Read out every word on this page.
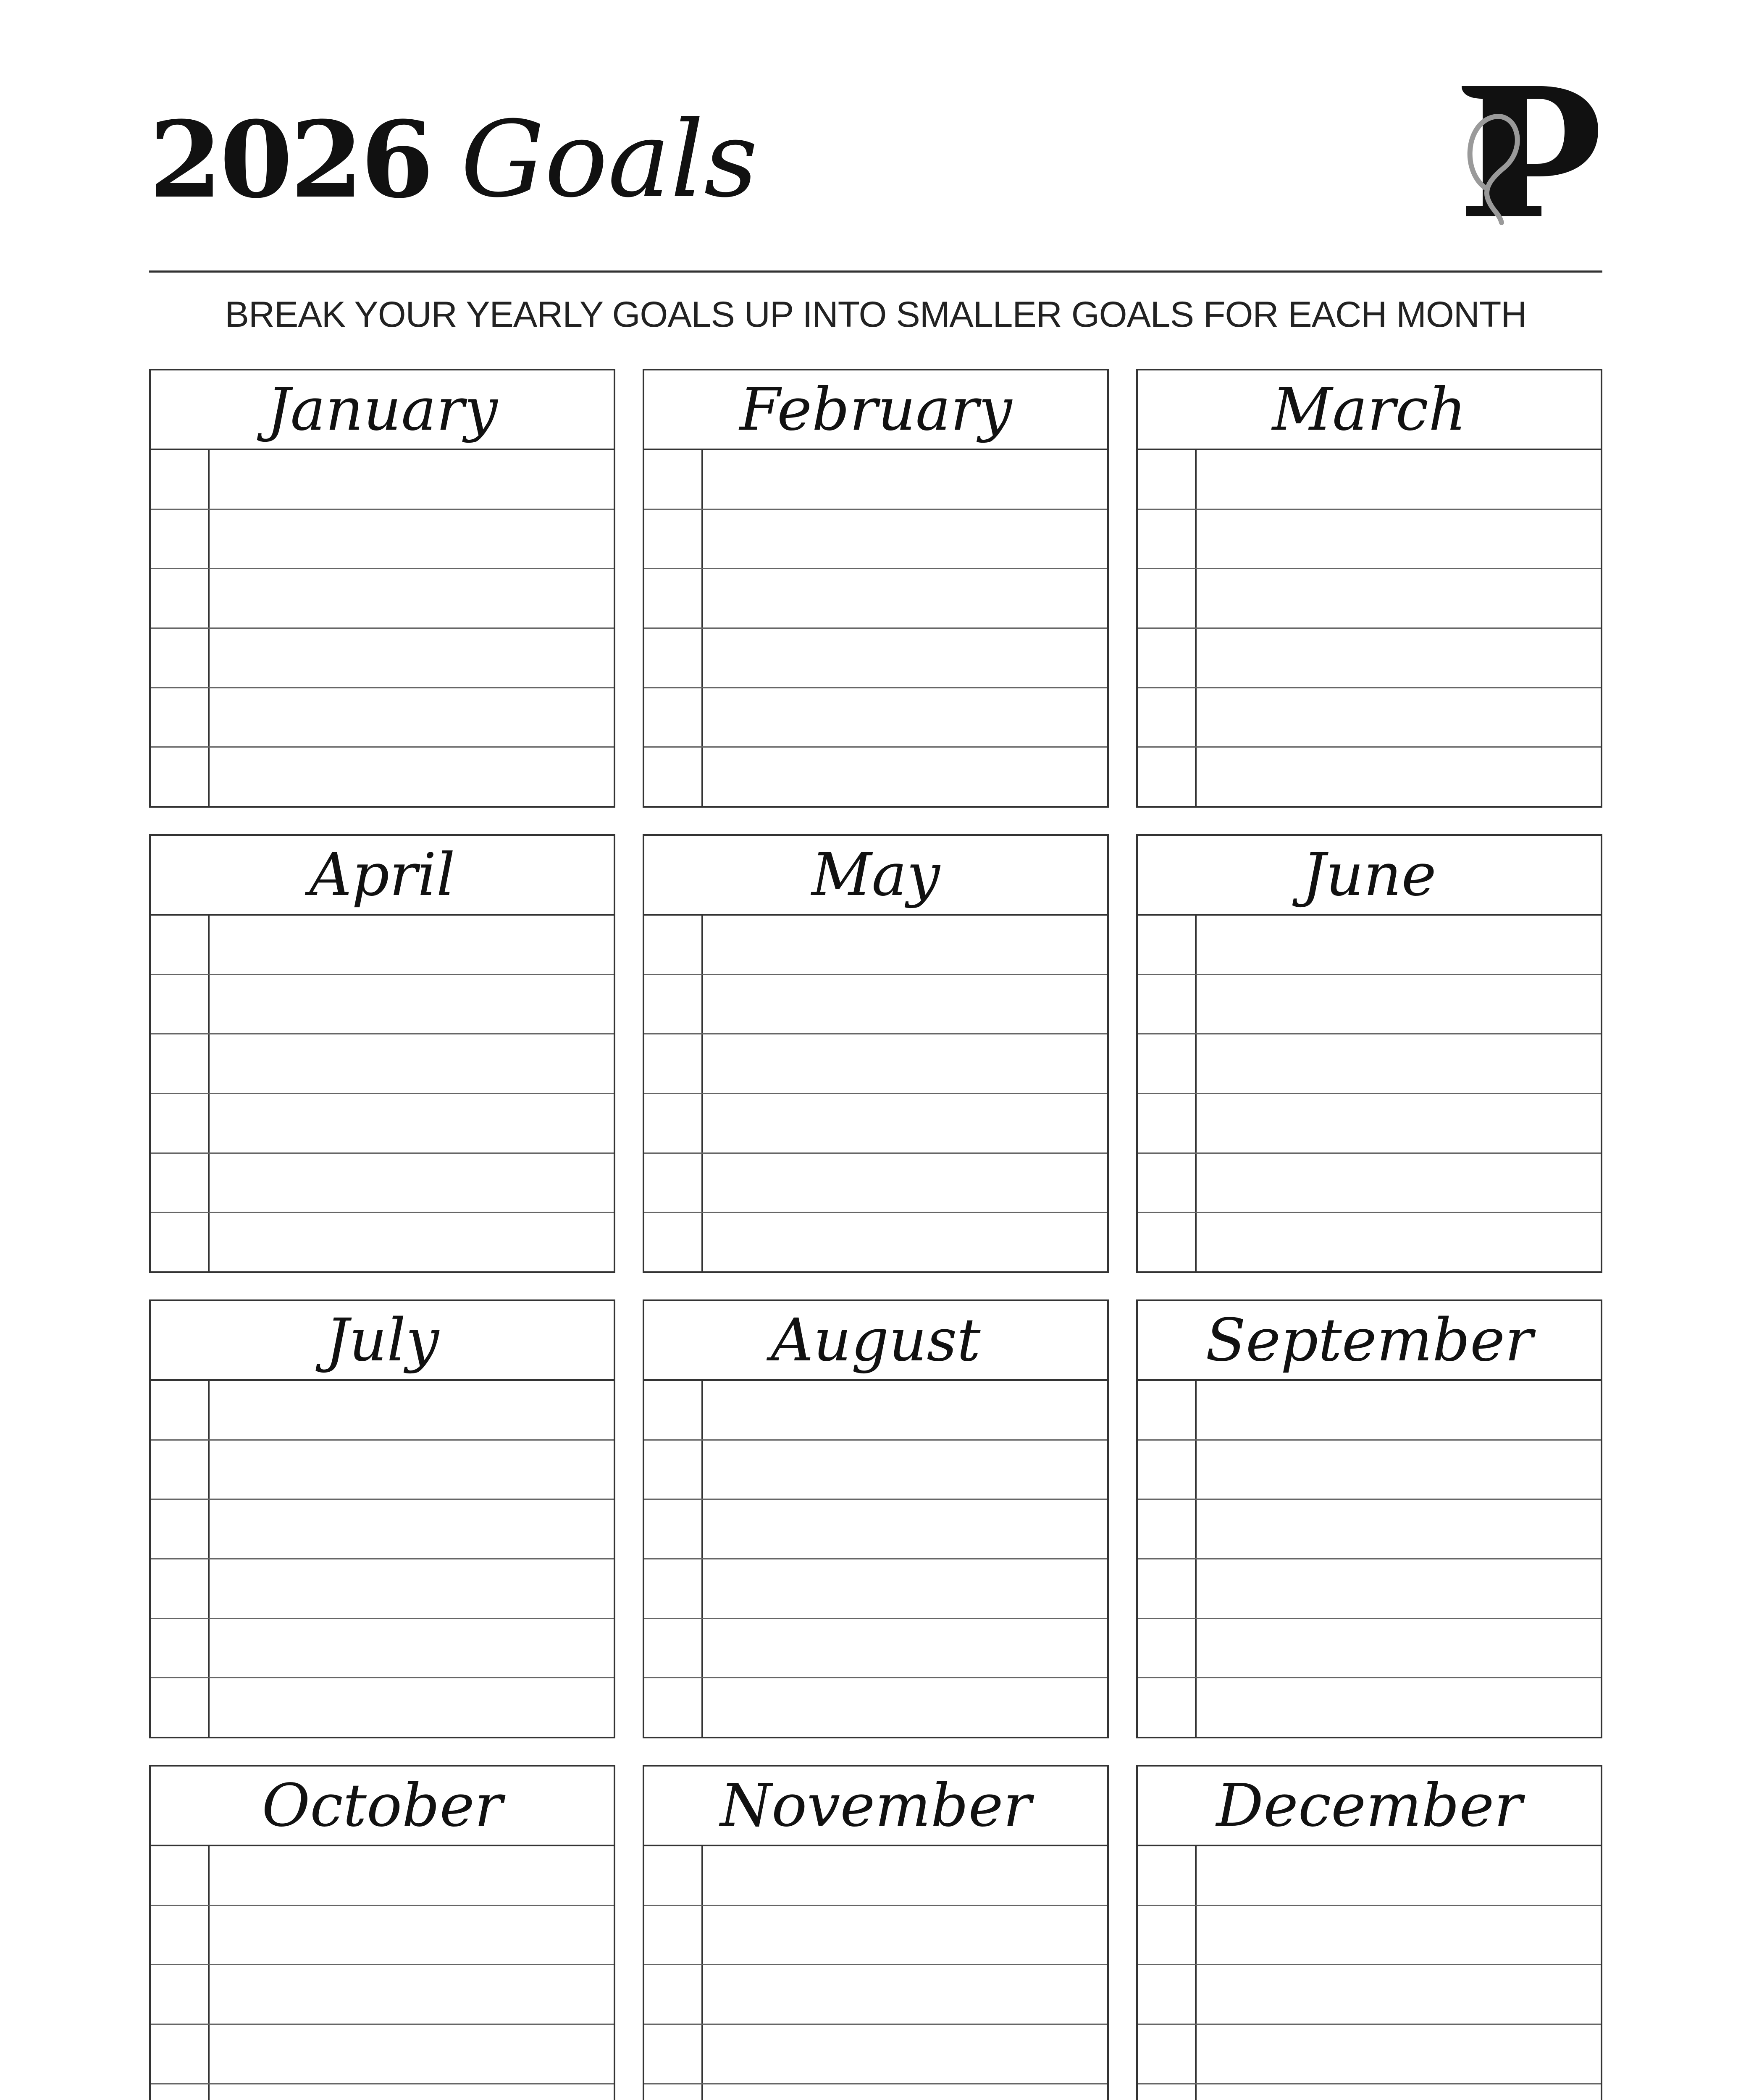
2026 Goals
BREAK YOUR YEARLY GOALS UP INTO SMALLER GOALS FOR EACH MONTH
January	February	March
April	May	June
July	August	September
October	November	December
